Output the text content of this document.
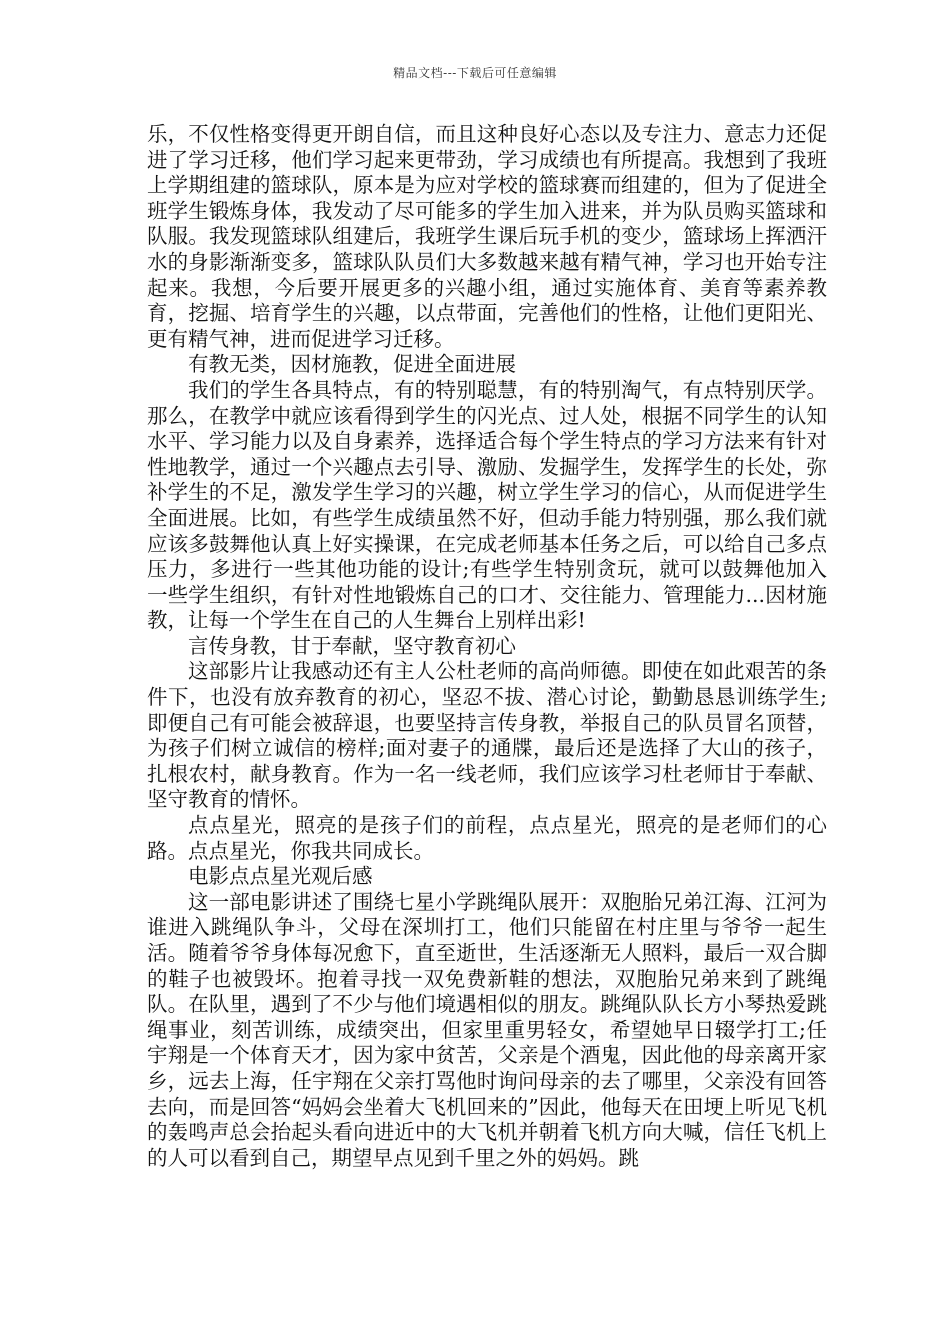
精品文档---下载后可任意编辑

乐，不仅性格变得更开朗自信，而且这种良好心态以及专注力、意志力还促进了学习迁移，他们学习起来更带劲，学习成绩也有所提高。我想到了我班上学期组建的篮球队，原本是为应对学校的篮球赛而组建的，但为了促进全班学生锻炼身体，我发动了尽可能多的学生加入进来，并为队员购买篮球和队服。我发现篮球队组建后，我班学生课后玩手机的变少，篮球场上挥洒汗水的身影渐渐变多，篮球队队员们大多数越来越有精气神，学习也开始专注起来。我想，今后要开展更多的兴趣小组，通过实施体育、美育等素养教育，挖掘、培育学生的兴趣，以点带面，完善他们的性格，让他们更阳光、更有精气神，进而促进学习迁移。

有教无类，因材施教，促进全面进展

我们的学生各具特点，有的特别聪慧，有的特别淘气，有点特别厌学。那么，在教学中就应该看得到学生的闪光点、过人处，根据不同学生的认知水平、学习能力以及自身素养，选择适合每个学生特点的学习方法来有针对性地教学，通过一个兴趣点去引导、激励、发掘学生，发挥学生的长处，弥补学生的不足，激发学生学习的兴趣，树立学生学习的信心，从而促进学生全面进展。比如，有些学生成绩虽然不好，但动手能力特别强，那么我们就应该多鼓舞他认真上好实操课，在完成老师基本任务之后，可以给自己多点压力，多进行一些其他功能的设计;有些学生特别贪玩，就可以鼓舞他加入一些学生组织，有针对性地锻炼自己的口才、交往能力、管理能力...因材施教，让每一个学生在自己的人生舞台上别样出彩!

言传身教，甘于奉献，坚守教育初心

这部影片让我感动还有主人公杜老师的高尚师德。即使在如此艰苦的条件下，也没有放弃教育的初心，坚忍不拔、潜心讨论，勤勤恳恳训练学生;即便自己有可能会被辞退，也要坚持言传身教，举报自己的队员冒名顶替，为孩子们树立诚信的榜样;面对妻子的通牒，最后还是选择了大山的孩子，扎根农村，献身教育。作为一名一线老师，我们应该学习杜老师甘于奉献、坚守教育的情怀。

点点星光，照亮的是孩子们的前程，点点星光，照亮的是老师们的心路。点点星光，你我共同成长。

电影点点星光观后感

这一部电影讲述了围绕七星小学跳绳队展开：双胞胎兄弟江海、江河为谁进入跳绳队争斗，父母在深圳打工，他们只能留在村庄里与爷爷一起生活。随着爷爷身体每况愈下，直至逝世，生活逐渐无人照料，最后一双合脚的鞋子也被毁坏。抱着寻找一双免费新鞋的想法，双胞胎兄弟来到了跳绳队。在队里，遇到了不少与他们境遇相似的朋友。跳绳队队长方小琴热爱跳绳事业，刻苦训练，成绩突出，但家里重男轻女，希望她早日辍学打工;任宇翔是一个体育天才，因为家中贫苦，父亲是个酒鬼，因此他的母亲离开家乡，远去上海，任宇翔在父亲打骂他时询问母亲的去了哪里，父亲没有回答去向，而是回答“妈妈会坐着大飞机回来的”因此，他每天在田埂上听见飞机的轰鸣声总会抬起头看向进近中的大飞机并朝着飞机方向大喊，信任飞机上的人可以看到自己，期望早点见到千里之外的妈妈。跳
